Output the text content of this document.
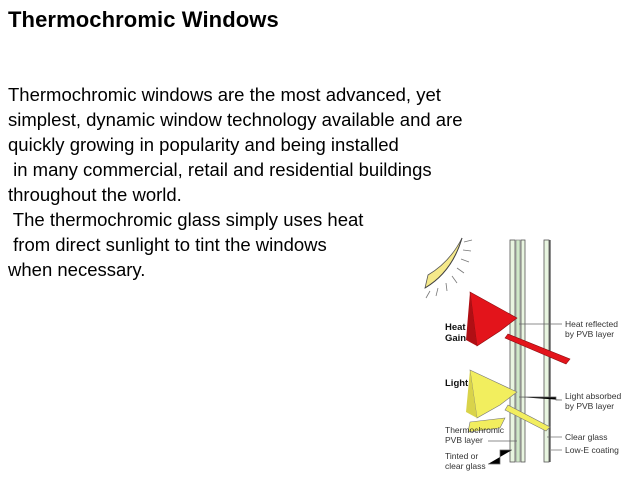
Thermochromic Windows
Thermochromic windows are the most advanced, yet
simplest, dynamic window technology available and are
quickly growing in popularity and being installed
in many commercial, retail and residential buildings
throughout the world.
The thermochromic glass simply uses heat
from direct sunlight to tint the windows
when necessary.
Heat
Gain
Light
Thermochromic
PVB layer
Tinted or
clear glass
Heat reflected
by PVB layer
Light absorbed
by PVB layer
Clear glass
Low-E coating
